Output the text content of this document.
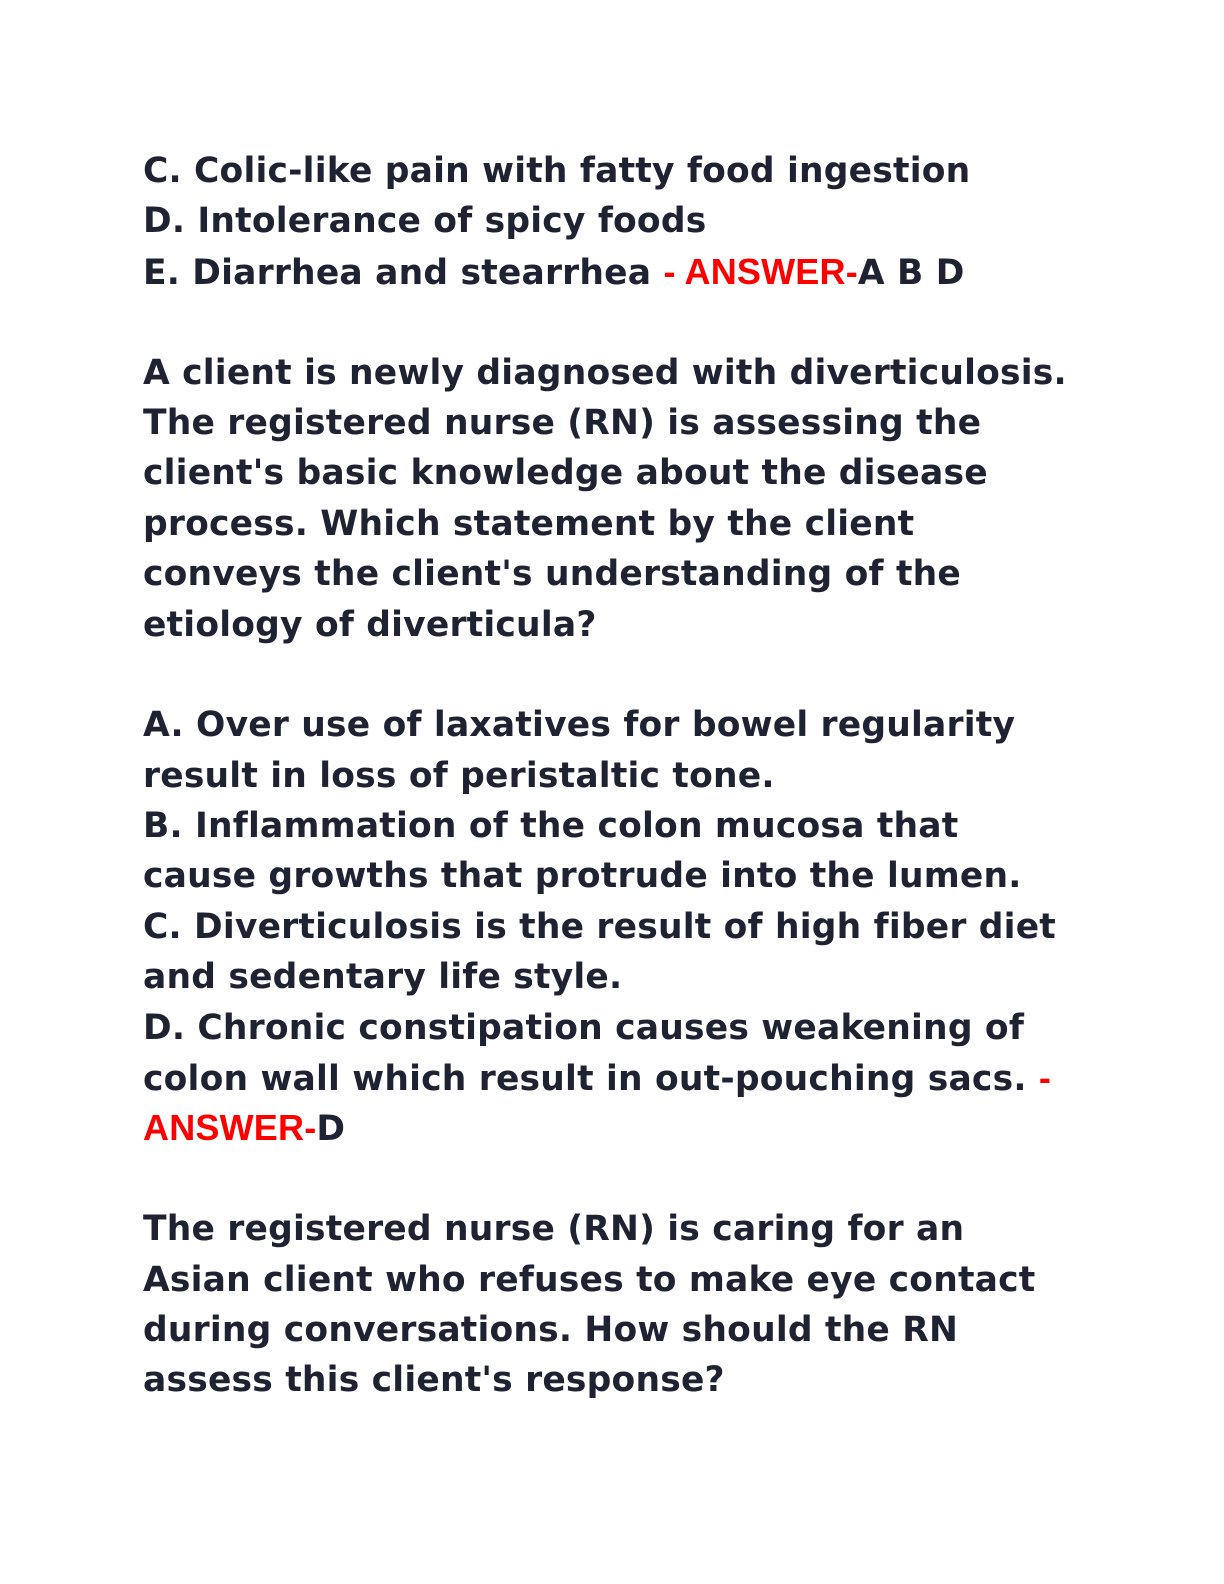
C. Colic-like pain with fatty food ingestion
D. Intolerance of spicy foods
E. Diarrhea and stearrhea - ANSWER-A B D
A client is newly diagnosed with diverticulosis.
The registered nurse (RN) is assessing the
client's basic knowledge about the disease
process. Which statement by the client
conveys the client's understanding of the
etiology of diverticula?
A. Over use of laxatives for bowel regularity
result in loss of peristaltic tone.
B. Inflammation of the colon mucosa that
cause growths that protrude into the lumen.
C. Diverticulosis is the result of high fiber diet
and sedentary life style.
D. Chronic constipation causes weakening of
colon wall which result in out-pouching sacs. -
ANSWER-D
The registered nurse (RN) is caring for an
Asian client who refuses to make eye contact
during conversations. How should the RN
assess this client's response?
